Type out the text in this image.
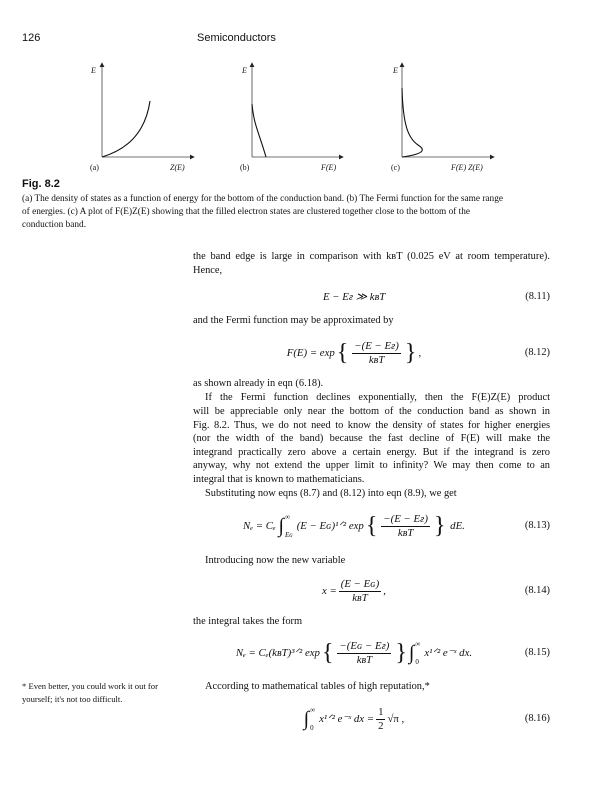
126	Semiconductors
E	E	E
(a)	Z(E)	(b)	F(E)	(c)	F(E) Z(E)
Fig. 8.2
(a) The density of states as a function of energy for the bottom of the conduction band. (b) The Fermi function for the same range
of energies. (c) A plot of F(E)Z(E) showing that the filled electron states are clustered together close to the bottom of the
conduction band.
the band edge is large in comparison with kʙT (0.025 eV at room temperature).
Hence,
E − Eғ ≫ kʙT	(8.11)
and the Fermi function may be approximated by
F(E) = exp { $\frac{-(E - Eғ)}{\text{kʙT}}$ } ,	(8.12)
as shown already in eqn (6.18).
If the Fermi function declines exponentially, then the F(E)Z(E) product
will be appreciable only near the bottom of the conduction band as shown in
Fig. 8.2. Thus, we do not need to know the density of states for higher energies
(nor the width of the band) because the fast decline of F(E) will make the
integrand practically zero above a certain energy. But if the integrand is zero
anyway, why not extend the upper limit to infinity? We may then come to an
integral that is known to mathematicians.
Substituting now eqns (8.7) and (8.12) into eqn (8.9), we get
Nₑ = Cₑ
∫ ∞
Eɢ
(E − Eɢ)¹ᐟ² exp { $\frac{-(E - Eғ)}{\text{kʙT}}$ }
dE.	(8.13)
Introducing now the new variable
$x = \frac{\text{(E − Eɢ)}}{\text{kʙT}}$ ,	(8.14)
the integral takes the form
Nₑ = Cₑ(kʙT)³ᐟ² exp { $\frac{\text{−(Eɢ − Eғ)}}{\text{kʙT}}$ } ∫ ∞
0
x¹ᐟ² e⁻ˣ dx.	(8.15)
* Even better, you could work it out for
yourself; it's not too difficult.
According to mathematical tables of high reputation,*
∫ ∞
0
x¹ᐟ² e⁻ˣ dx = $\frac{1}{2} √\pi$ ,	(8.16)
